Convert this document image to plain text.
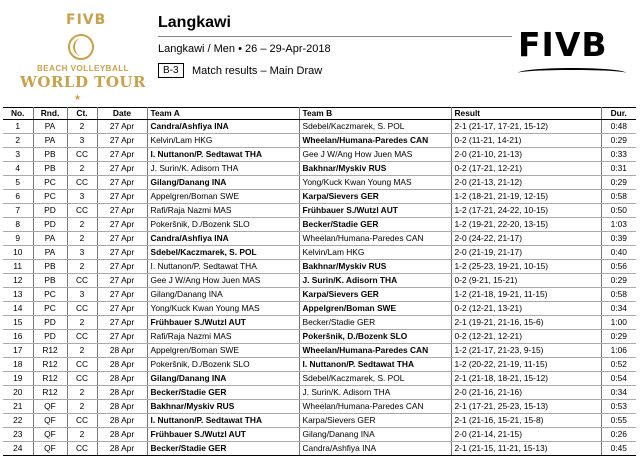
FIVB
BEACH VOLLEYBALL
WORLD TOUR
★
Langkawi
Langkawi / Men • 26 – 29-Apr-2018
B-3	Match results – Main Draw
FIVB
No.	Rnd.	Ct.	Date	Team A	Team B	Result	Dur.
1	PA	2	27 Apr	Candra/Ashfiya INA	Sdebel/Kaczmarek, S. POL	2-1 (21-17, 17-21, 15-12)	0:48
2	PA	3	27 Apr	Kelvin/Lam HKG	Wheelan/Humana-Paredes CAN	0-2 (11-21, 14-21)	0:29
3	PB	CC	27 Apr	I. Nuttanon/P. Sedtawat THA	Gee J W/Ang How Juen MAS	2-0 (21-10, 21-13)	0:33
4	PB	2	27 Apr	J. Surin/K. Adisorn THA	Bakhnar/Myskiv RUS	0-2 (17-21, 12-21)	0:31
5	PC	CC	27 Apr	Gilang/Danang INA	Yong/Kuck Kwan Young MAS	2-0 (21-13, 21-12)	0:29
6	PC	3	27 Apr	Appelgren/Boman SWE	Karpa/Sievers GER	1-2 (18-21, 21-19, 12-15)	0:58
7	PD	CC	27 Apr	Rafi/Raja Nazmi MAS	Frühbauer S./Wutzl AUT	1-2 (17-21, 24-22, 10-15)	0:50
8	PD	2	27 Apr	Pokeršnik, D./Bozenk SLO	Becker/Stadie GER	1-2 (19-21, 22-20, 13-15)	1:03
9	PA	2	27 Apr	Candra/Ashfiya INA	Wheelan/Humana-Paredes CAN	2-0 (24-22, 21-17)	0:39
10	PA	3	27 Apr	Sdebel/Kaczmarek, S. POL	Kelvin/Lam HKG	2-0 (21-19, 21-17)	0:40
11	PB	2	27 Apr	I. Nuttanon/P. Sedtawat THA	Bakhnar/Myskiv RUS	1-2 (25-23, 19-21, 10-15)	0:56
12	PB	CC	27 Apr	Gee J W/Ang How Juen MAS	J. Surin/K. Adisorn THA	0-2 (9-21, 15-21)	0:29
13	PC	3	27 Apr	Gilang/Danang INA	Karpa/Sievers GER	1-2 (21-18, 19-21, 11-15)	0:58
14	PC	CC	27 Apr	Yong/Kuck Kwan Young MAS	Appelgren/Boman SWE	0-2 (12-21, 13-21)	0:34
15	PD	2	27 Apr	Frühbauer S./Wutzl AUT	Becker/Stadie GER	2-1 (19-21, 21-16, 15-6)	1:00
16	PD	CC	27 Apr	Rafi/Raja Nazmi MAS	Pokeršnik, D./Bozenk SLO	0-2 (12-21, 12-21)	0:29
17	R12	2	28 Apr	Appelgren/Boman SWE	Wheelan/Humana-Paredes CAN	1-2 (21-17, 21-23, 9-15)	1:06
18	R12	CC	28 Apr	Pokeršnik, D./Bozenk SLO	I. Nuttanon/P. Sedtawat THA	1-2 (20-22, 21-19, 11-15)	0:52
19	R12	CC	28 Apr	Gilang/Danang INA	Sdebel/Kaczmarek, S. POL	2-1 (21-18, 18-21, 15-12)	0:54
20	R12	2	28 Apr	Becker/Stadie GER	J. Surin/K. Adisorn THA	2-0 (21-16, 21-16)	0:34
21	QF	2	28 Apr	Bakhnar/Myskiv RUS	Wheelan/Humana-Paredes CAN	2-1 (17-21, 25-23, 15-13)	0:53
22	QF	CC	28 Apr	I. Nuttanon/P. Sedtawat THA	Karpa/Sievers GER	2-1 (21-16, 15-21, 15-8)	0:55
23	QF	2	28 Apr	Frühbauer S./Wutzl AUT	Gilang/Danang INA	2-0 (21-14, 21-15)	0:26
24	QF	CC	28 Apr	Becker/Stadie GER	Candra/Ashfiya INA	2-1 (21-15, 11-21, 15-13)	0:45
